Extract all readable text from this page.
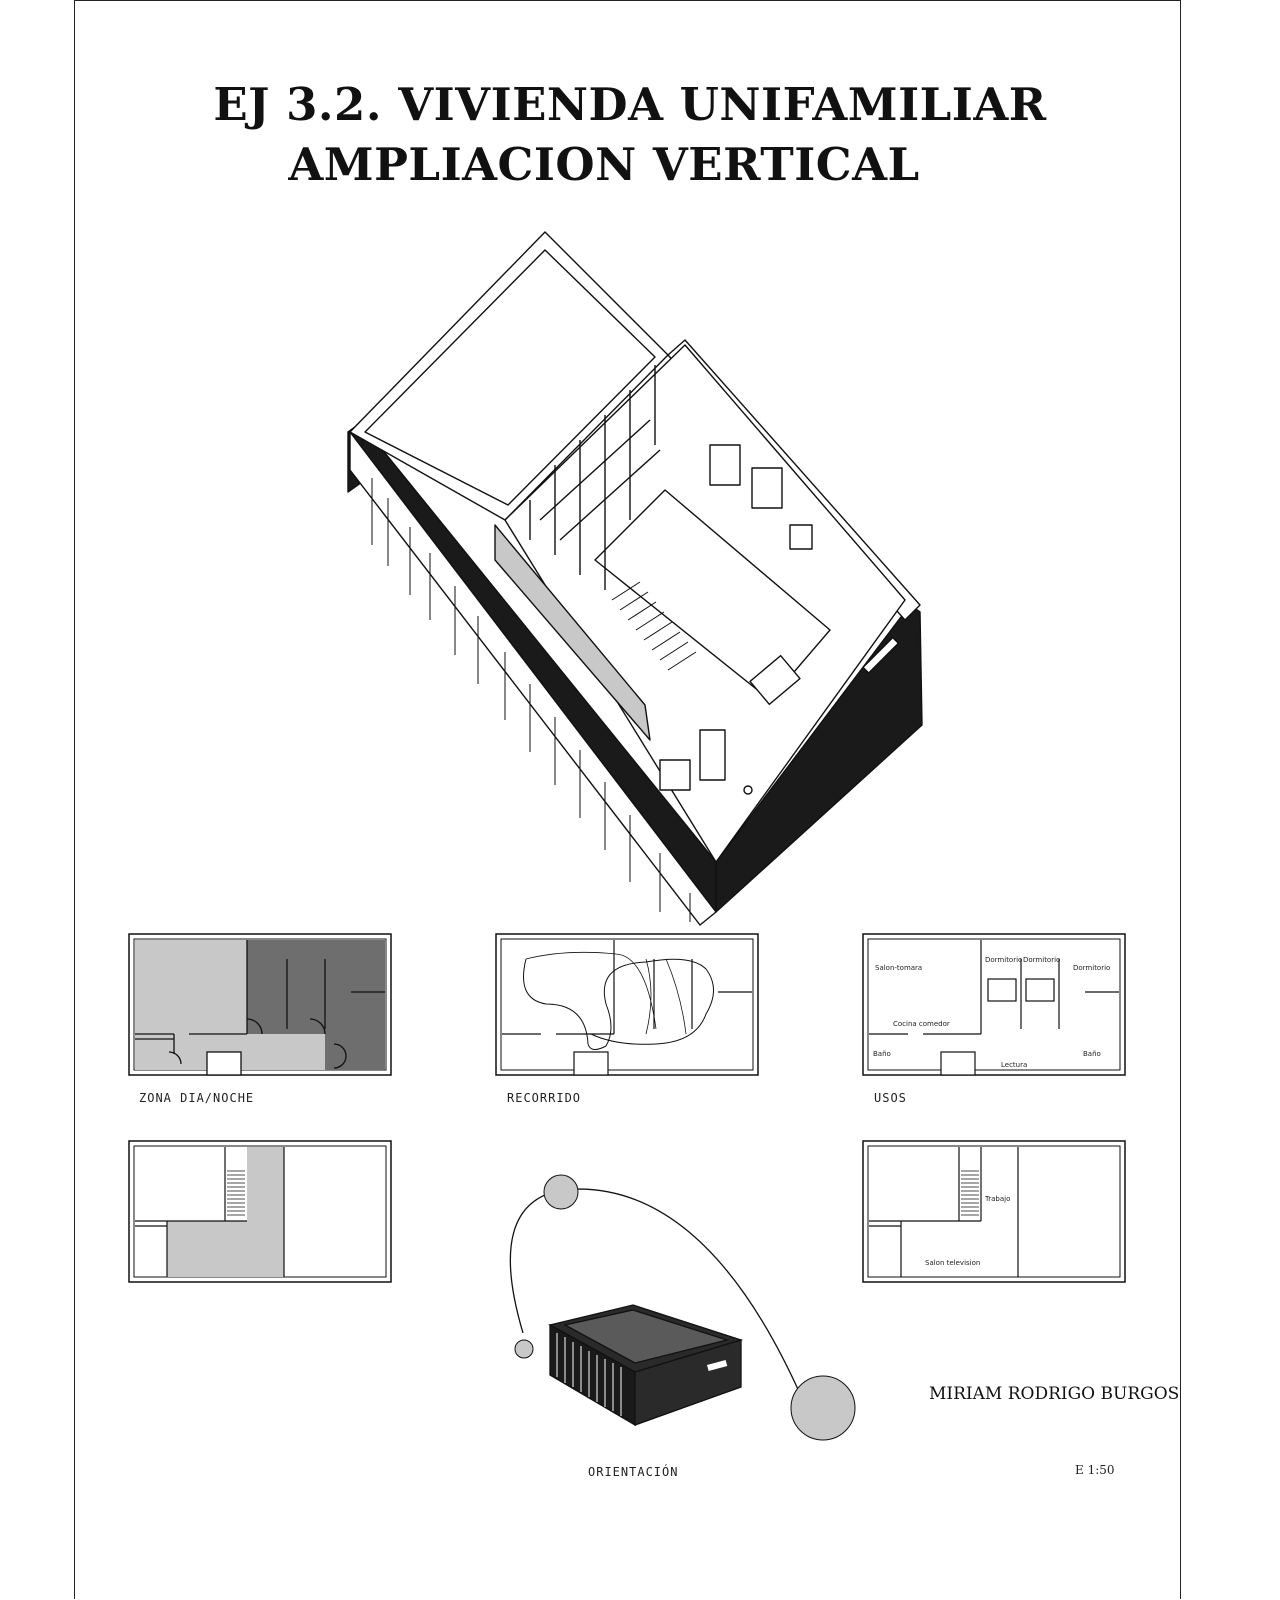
EJ 3.2. VIVIENDA UNIFAMILIAR
AMPLIACION VERTICAL
ZONA DIA/NOCHE	RECORRIDO
Salon-tomara
Dormitorio Dormitorio
Dormitorio
Cocina comedor
Baño	Baño
Lectura
USOS
Trabajo
Salon television
ORIENTACIÓN
MIRIAM RODRIGO BURGOS
E 1:50
